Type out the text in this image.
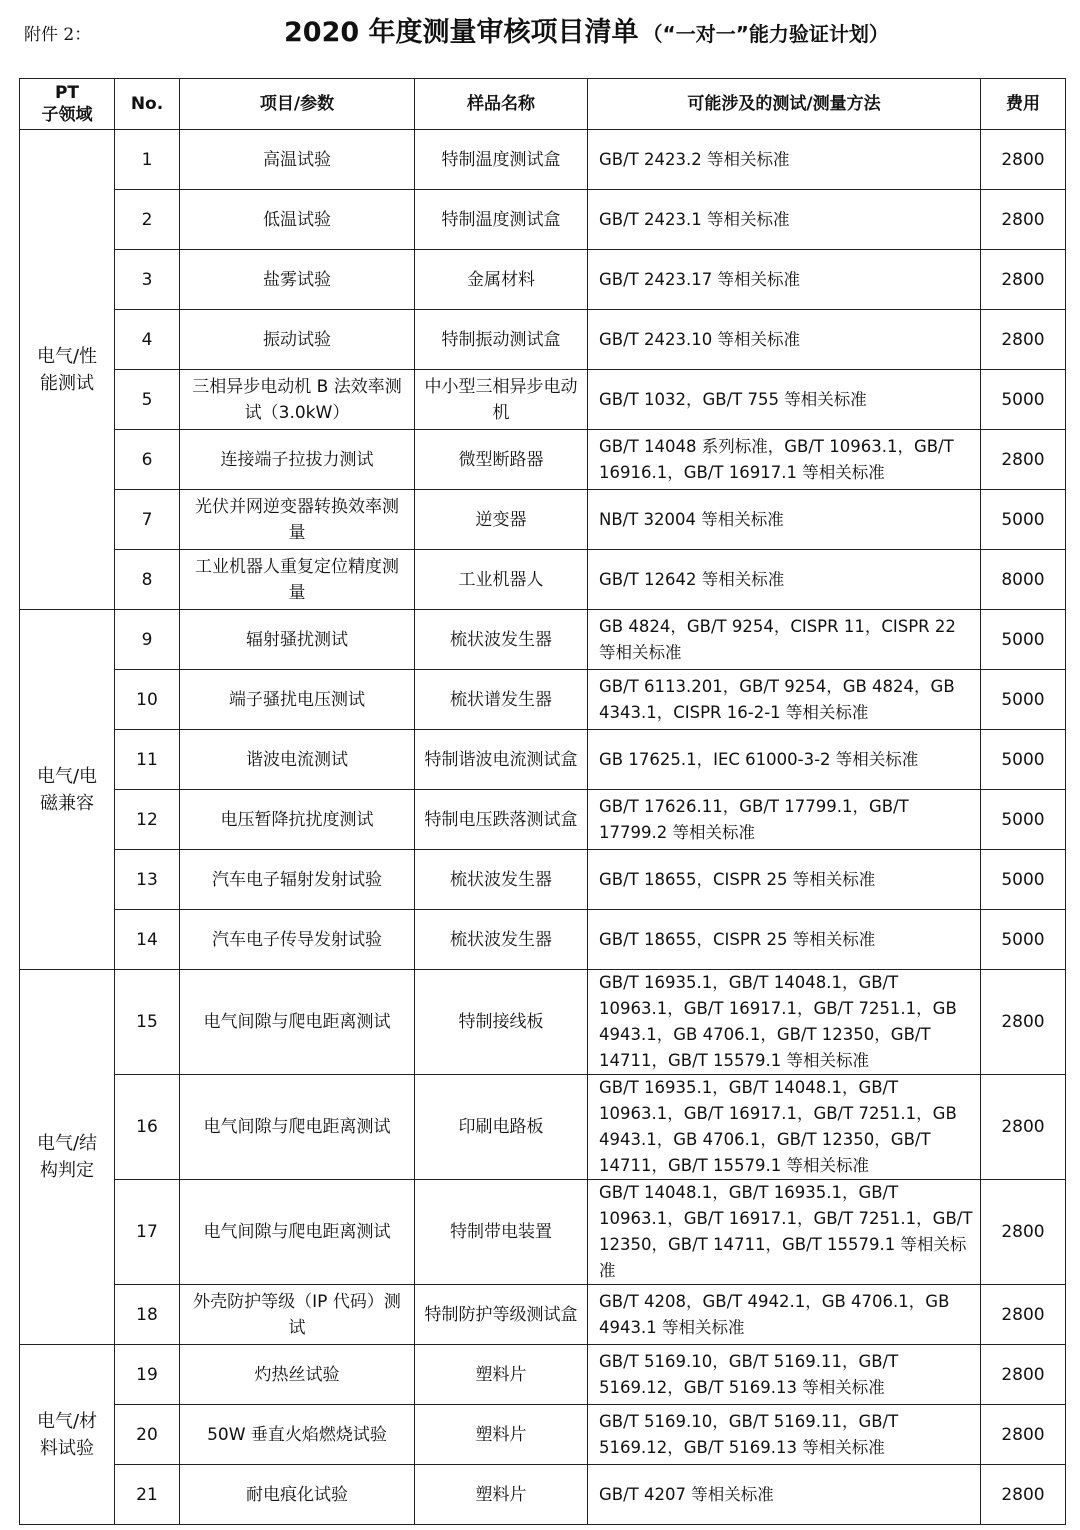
附件 2：	2020 年度测量审核项目清单 （“一对一”能力验证计划）
PT
子领域	No.	项目/参数	样品名称	可能涉及的测试/测量方法	费用
电气/性能测试	1	高温试验	特制温度测试盒	GB/T 2423.2 等相关标准	2800
	2	低温试验	特制温度测试盒	GB/T 2423.1 等相关标准	2800
	3	盐雾试验	金属材料	GB/T 2423.17 等相关标准	2800
	4	振动试验	特制振动测试盒	GB/T 2423.10 等相关标准	2800
	5	三相异步电动机 B 法效率测试（3.0kW）	中小型三相异步电动机	GB/T 1032，GB/T 755 等相关标准	5000
	6	连接端子拉拔力测试	微型断路器	GB/T 14048 系列标准，GB/T 10963.1，GB/T 16916.1，GB/T 16917.1 等相关标准	2800
	7	光伏并网逆变器转换效率测量	逆变器	NB/T 32004 等相关标准	5000
	8	工业机器人重复定位精度测量	工业机器人	GB/T 12642 等相关标准	8000
电气/电磁兼容	9	辐射骚扰测试	梳状波发生器	GB 4824，GB/T 9254，CISPR 11，CISPR 22 等相关标准	5000
	10	端子骚扰电压测试	梳状谱发生器	GB/T 6113.201，GB/T 9254，GB 4824，GB 4343.1，CISPR 16-2-1 等相关标准	5000
	11	谐波电流测试	特制谐波电流测试盒	GB 17625.1，IEC 61000-3-2 等相关标准	5000
	12	电压暂降抗扰度测试	特制电压跌落测试盒	GB/T 17626.11，GB/T 17799.1，GB/T 17799.2 等相关标准	5000
	13	汽车电子辐射发射试验	梳状波发生器	GB/T 18655，CISPR 25 等相关标准	5000
	14	汽车电子传导发射试验	梳状波发生器	GB/T 18655，CISPR 25 等相关标准	5000
电气/结构判定	15	电气间隙与爬电距离测试	特制接线板	GB/T 16935.1，GB/T 14048.1，GB/T 10963.1，GB/T 16917.1，GB/T 7251.1，GB 4943.1，GB 4706.1，GB/T 12350，GB/T 14711，GB/T 15579.1 等相关标准	2800
	16	电气间隙与爬电距离测试	印刷电路板	GB/T 16935.1，GB/T 14048.1，GB/T 10963.1，GB/T 16917.1，GB/T 7251.1，GB 4943.1，GB 4706.1，GB/T 12350，GB/T 14711，GB/T 15579.1 等相关标准	2800
	17	电气间隙与爬电距离测试	特制带电装置	GB/T 14048.1，GB/T 16935.1，GB/T 10963.1，GB/T 16917.1，GB/T 7251.1，GB/T 12350，GB/T 14711，GB/T 15579.1 等相关标准	2800
	18	外壳防护等级（IP 代码）测试	特制防护等级测试盒	GB/T 4208，GB/T 4942.1，GB 4706.1，GB 4943.1 等相关标准	2800
电气/材料试验	19	灼热丝试验	塑料片	GB/T 5169.10，GB/T 5169.11，GB/T 5169.12，GB/T 5169.13 等相关标准	2800
	20	50W 垂直火焰燃烧试验	塑料片	GB/T 5169.10，GB/T 5169.11，GB/T 5169.12，GB/T 5169.13 等相关标准	2800
	21	耐电痕化试验	塑料片	GB/T 4207 等相关标准	2800
